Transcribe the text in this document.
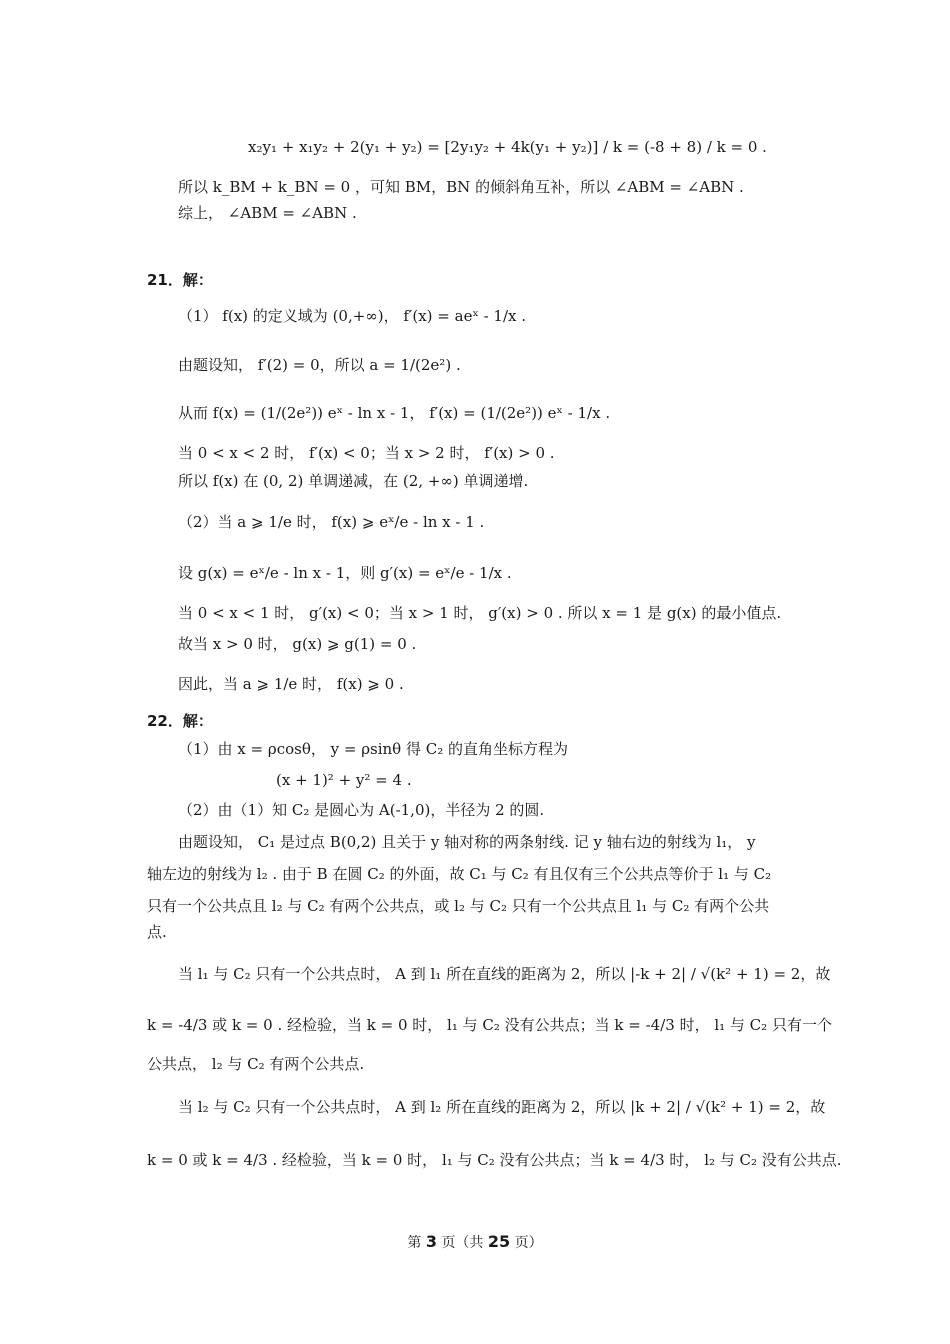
x₂y₁ + x₁y₂ + 2(y₁ + y₂) = [2y₁y₂ + 4k(y₁ + y₂)] / k = (-8 + 8) / k = 0 .
所以 k_BM + k_BN = 0 ，可知 BM，BN 的倾斜角互补，所以 ∠ABM = ∠ABN .
综上， ∠ABM = ∠ABN .
21．解：
（1） f(x) 的定义域为 (0,+∞)， f′(x) = aeˣ - 1/x .
由题设知， f′(2) = 0，所以 a = 1/(2e²) .
从而 f(x) = (1/(2e²)) eˣ - ln x - 1， f′(x) = (1/(2e²)) eˣ - 1/x .
当 0 < x < 2 时， f′(x) < 0；当 x > 2 时， f′(x) > 0 .
所以 f(x) 在 (0, 2) 单调递减，在 (2, +∞) 单调递增.
（2）当 a ⩾ 1/e 时， f(x) ⩾ eˣ/e - ln x - 1 .
设 g(x) = eˣ/e - ln x - 1，则 g′(x) = eˣ/e - 1/x .
当 0 < x < 1 时， g′(x) < 0；当 x > 1 时， g′(x) > 0 . 所以 x = 1 是 g(x) 的最小值点.
故当 x > 0 时， g(x) ⩾ g(1) = 0 .
因此，当 a ⩾ 1/e 时， f(x) ⩾ 0 .
22．解：
（1）由 x = ρcosθ， y = ρsinθ 得 C₂ 的直角坐标方程为
(x + 1)² + y² = 4 .
（2）由（1）知 C₂ 是圆心为 A(-1,0)，半径为 2 的圆.
由题设知， C₁ 是过点 B(0,2) 且关于 y 轴对称的两条射线. 记 y 轴右边的射线为 l₁， y
轴左边的射线为 l₂ . 由于 B 在圆 C₂ 的外面，故 C₁ 与 C₂ 有且仅有三个公共点等价于 l₁ 与 C₂
只有一个公共点且 l₂ 与 C₂ 有两个公共点，或 l₂ 与 C₂ 只有一个公共点且 l₁ 与 C₂ 有两个公共
点.
当 l₁ 与 C₂ 只有一个公共点时， A 到 l₁ 所在直线的距离为 2，所以 |-k + 2| / √(k² + 1) = 2，故
k = -4/3 或 k = 0 . 经检验，当 k = 0 时， l₁ 与 C₂ 没有公共点；当 k = -4/3 时， l₁ 与 C₂ 只有一个
公共点， l₂ 与 C₂ 有两个公共点.
当 l₂ 与 C₂ 只有一个公共点时， A 到 l₂ 所在直线的距离为 2，所以 |k + 2| / √(k² + 1) = 2，故
k = 0 或 k = 4/3 . 经检验，当 k = 0 时， l₁ 与 C₂ 没有公共点；当 k = 4/3 时， l₂ 与 C₂ 没有公共点.
第 3 页（共 25 页）
